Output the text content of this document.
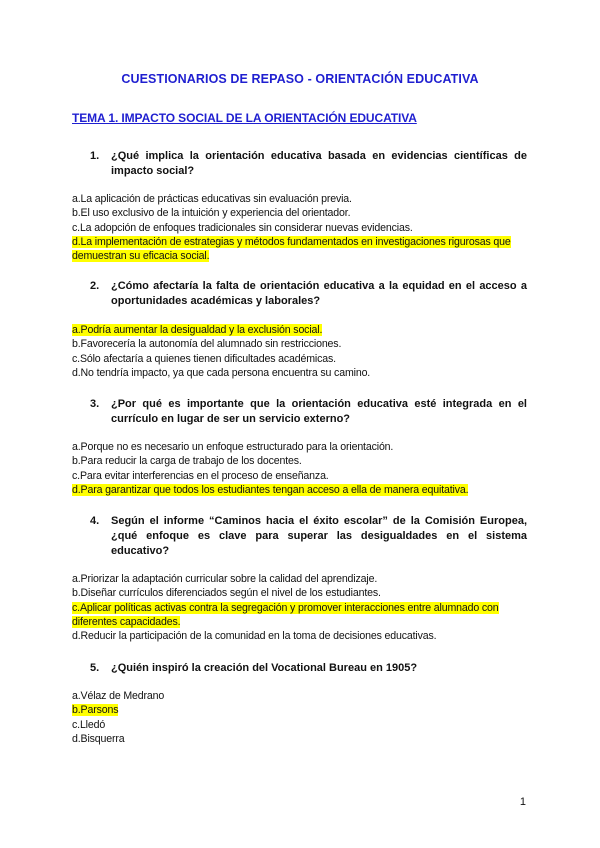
CUESTIONARIOS DE REPASO - ORIENTACIÓN EDUCATIVA
TEMA 1. IMPACTO SOCIAL DE LA ORIENTACIÓN EDUCATIVA
1.	¿Qué implica la orientación educativa basada en evidencias científicas de impacto social?
a.La aplicación de prácticas educativas sin evaluación previa.
b.El uso exclusivo de la intuición y experiencia del orientador.
c.La adopción de enfoques tradicionales sin considerar nuevas evidencias.
d.La implementación de estrategias y métodos fundamentados en investigaciones rigurosas que demuestran su eficacia social.
2.	¿Cómo afectaría la falta de orientación educativa a la equidad en el acceso a oportunidades académicas y laborales?
a.Podría aumentar la desigualdad y la exclusión social.
b.Favorecería la autonomía del alumnado sin restricciones.
c.Sólo afectaría a quienes tienen dificultades académicas.
d.No tendría impacto, ya que cada persona encuentra su camino.
3.	¿Por qué es importante que la orientación educativa esté integrada en el currículo en lugar de ser un servicio externo?
a.Porque no es necesario un enfoque estructurado para la orientación.
b.Para reducir la carga de trabajo de los docentes.
c.Para evitar interferencias en el proceso de enseñanza.
d.Para garantizar que todos los estudiantes tengan acceso a ella de manera equitativa.
4.	Según el informe “Caminos hacia el éxito escolar” de la Comisión Europea, ¿qué enfoque es clave para superar las desigualdades en el sistema educativo?
a.Priorizar la adaptación curricular sobre la calidad del aprendizaje.
b.Diseñar currículos diferenciados según el nivel de los estudiantes.
c.Aplicar políticas activas contra la segregación y promover interacciones entre alumnado con diferentes capacidades.
d.Reducir la participación de la comunidad en la toma de decisiones educativas.
5.	¿Quién inspiró la creación del Vocational Bureau en 1905?
a.Vélaz de Medrano
b.Parsons
c.Lledó
d.Bisquerra
1
